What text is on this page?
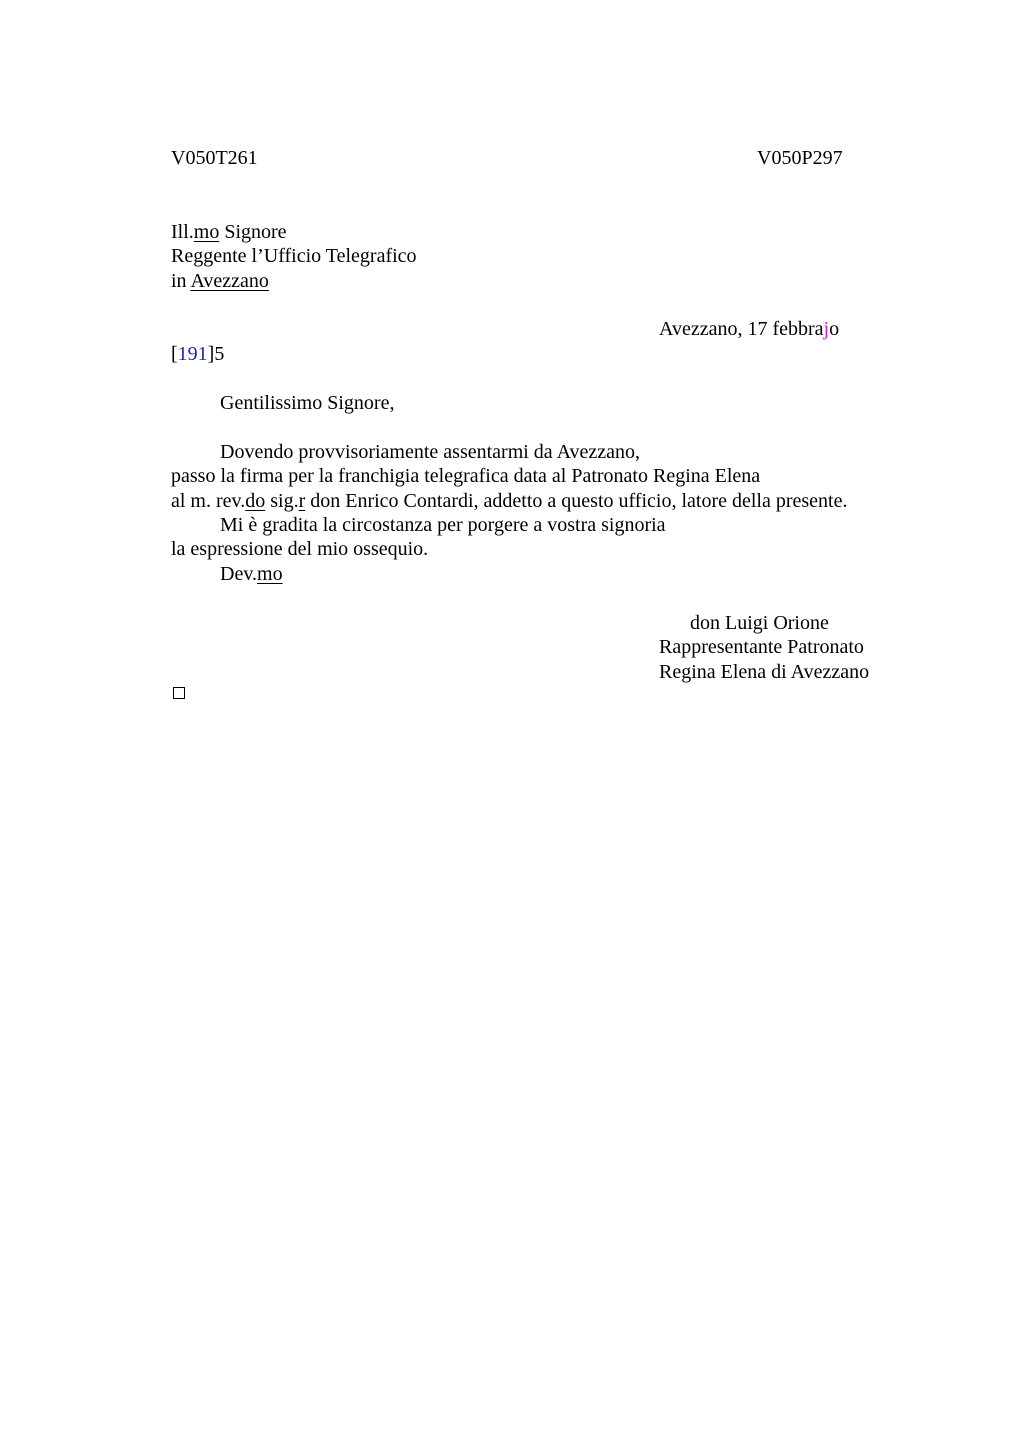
V050T261	V050P297
Ill.mo Signore
Reggente l’Ufficio Telegrafico
in Avezzano
Avezzano, 17 febbrajo
[191]5
Gentilissimo Signore,
Dovendo provvisoriamente assentarmi da Avezzano,
passo la firma per la franchigia telegrafica data al Patronato Regina Elena
al m. rev.do sig.r don Enrico Contardi, addetto a questo ufficio, latore della presente.
Mi è gradita la circostanza per porgere a vostra signoria
la espressione del mio ossequio.
Dev.mo
don Luigi Orione
Rappresentante Patronato
Regina Elena di Avezzano
